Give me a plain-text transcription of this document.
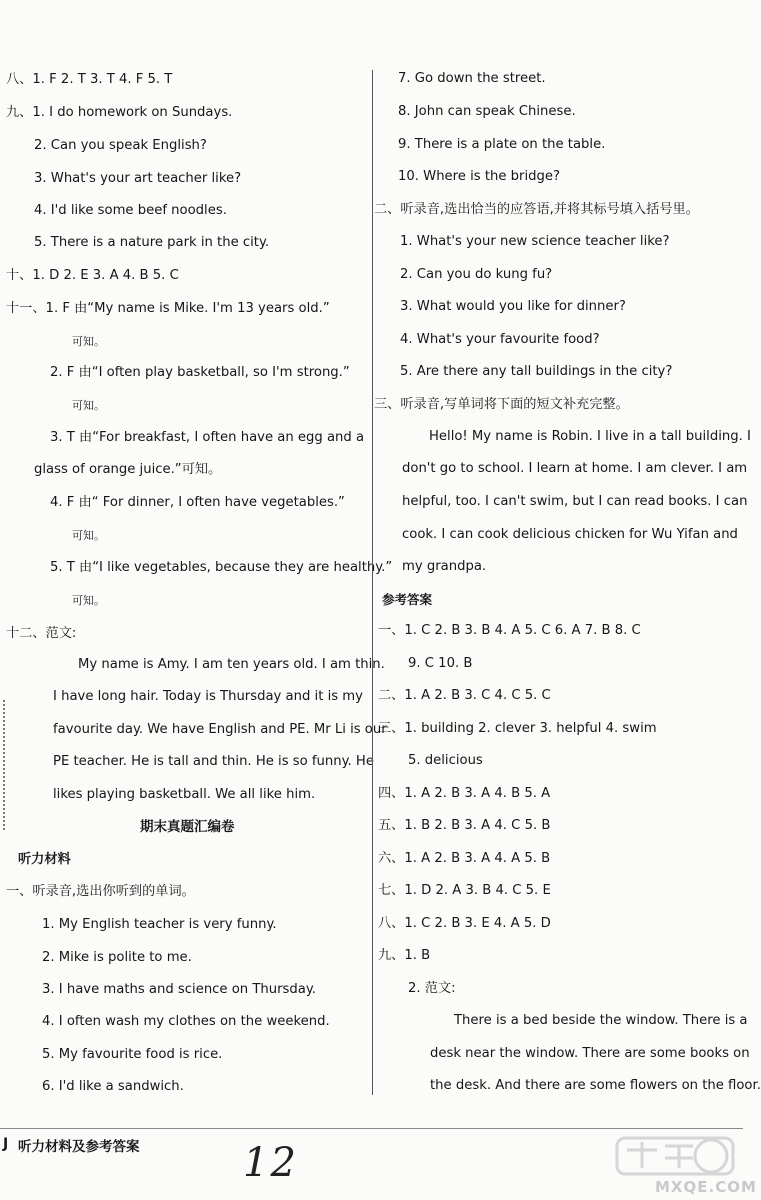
八、1. F 2. T 3. T 4. F 5. T
九、1. I do homework on Sundays.
2. Can you speak English?
3. What's your art teacher like?
4. I'd like some beef noodles.
5. There is a nature park in the city.
十、1. D 2. E 3. A 4. B 5. C
十一、1. F 由“My name is Mike. I'm 13 years old.”
可知。
2. F 由“I often play basketball, so I'm strong.”
可知。
3. T 由“For breakfast, I often have an egg and a
glass of orange juice.”可知。
4. F 由“ For dinner, I often have vegetables.”
可知。
5. T 由“I like vegetables, because they are healthy.”
可知。
十二、范文:
My name is Amy. I am ten years old. I am thin.
I have long hair. Today is Thursday and it is my
favourite day. We have English and PE. Mr Li is our
PE teacher. He is tall and thin. He is so funny. He
likes playing basketball. We all like him.
期末真题汇编卷
听力材料
一、听录音,选出你听到的单词。
1. My English teacher is very funny.
2. Mike is polite to me.
3. I have maths and science on Thursday.
4. I often wash my clothes on the weekend.
5. My favourite food is rice.
6. I'd like a sandwich.
7. Go down the street.
8. John can speak Chinese.
9. There is a plate on the table.
10. Where is the bridge?
二、听录音,选出恰当的应答语,并将其标号填入括号里。
1. What's your new science teacher like?
2. Can you do kung fu?
3. What would you like for dinner?
4. What's your favourite food?
5. Are there any tall buildings in the city?
三、听录音,写单词将下面的短文补充完整。
Hello! My name is Robin. I live in a tall building. I
don't go to school. I learn at home. I am clever. I am
helpful, too. I can't swim, but I can read books. I can
cook. I can cook delicious chicken for Wu Yifan and
my grandpa.
参考答案
一、1. C 2. B 3. B 4. A 5. C 6. A 7. B 8. C
9. C 10. B
二、1. A 2. B 3. C 4. C 5. C
三、1. building 2. clever 3. helpful 4. swim
5. delicious
四、1. A 2. B 3. A 4. B 5. A
五、1. B 2. B 3. A 4. C 5. B
六、1. A 2. B 3. A 4. A 5. B
七、1. D 2. A 3. B 4. C 5. E
八、1. C 2. B 3. E 4. A 5. D
九、1. B
2. 范文:
There is a bed beside the window. There is a
desk near the window. There are some books on
the desk. And there are some flowers on the floor.
J 听力材料及参考答案	12
MXQE.COM
